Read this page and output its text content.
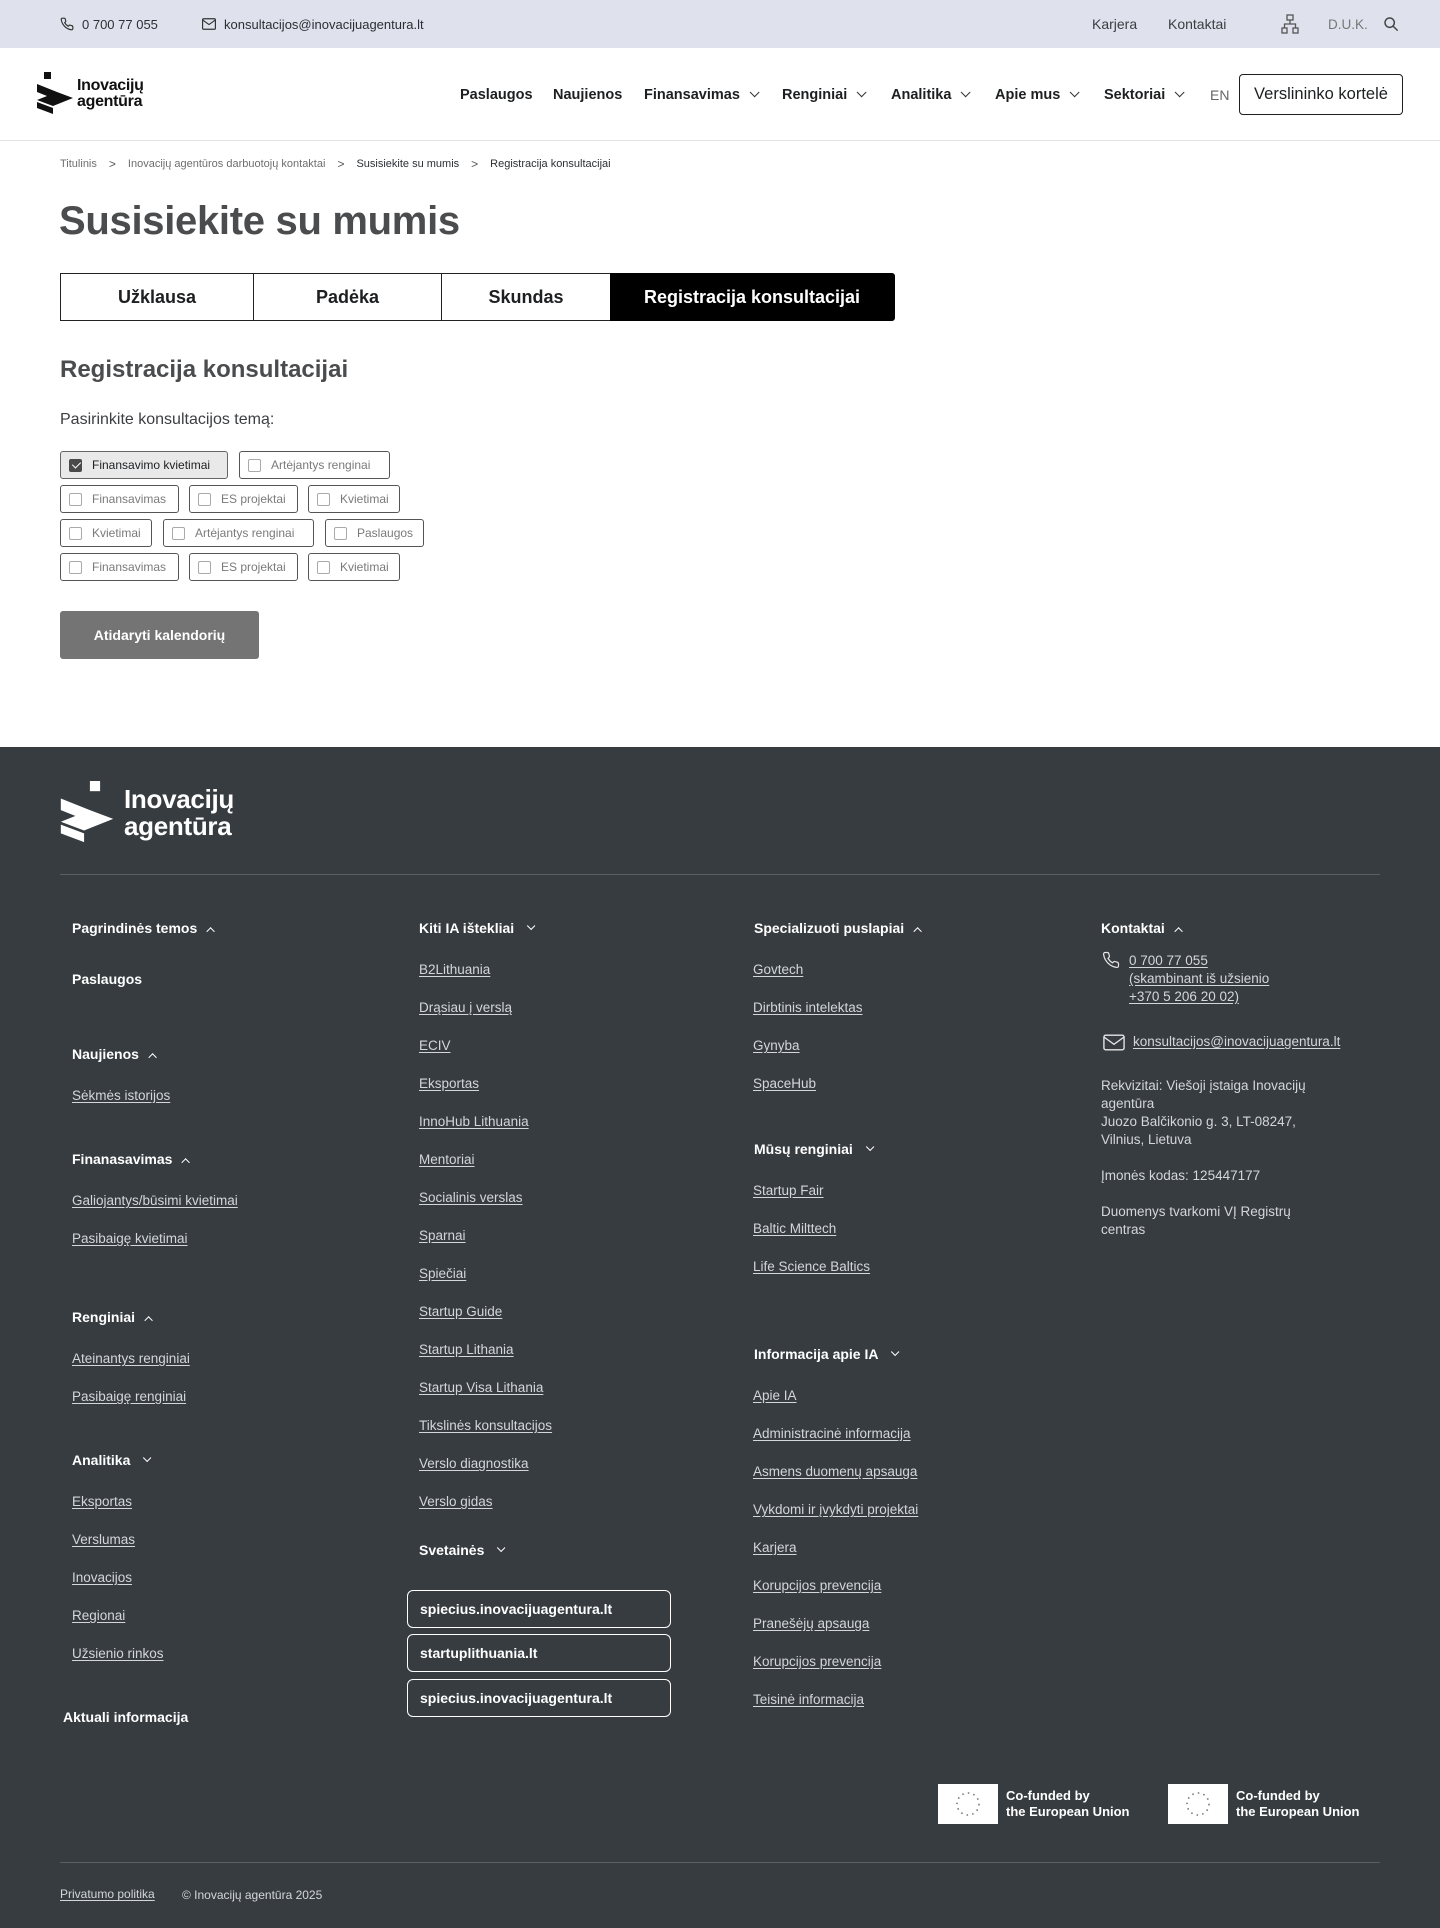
0 700 77 055	konsultacijos@inovacijuagentura.lt	Karjera Kontaktai	D.U.K.
Inovacijų
agentūra	Paslaugos Naujienos Finansavimas	Renginiai	Analitika	Apie mus	Sektoriai	EN	Verslininko kortelė
Titulinis > Inovacijų agentūros darbuotojų kontaktai > Susisiekite su mumis > Registracija konsultacijai
Susisiekite su mumis
Užklausa	Padėka	Skundas	Registracija konsultacijai
Registracija konsultacijai
Pasirinkite konsultacijos temą:
Finansavimo kvietimai	Artėjantys renginai
Finansavimas	ES projektai	Kvietimai
Kvietimai	Artėjantys renginai	Paslaugos
Finansavimas	ES projektai	Kvietimai
Atidaryti kalendorių
Inovacijų
agentūra
Pagrindinės temos
Paslaugos
Naujienos
Sėkmės istorijos
Finanasavimas
Galiojantys/būsimi kvietimai
Pasibaigę kvietimai
Renginiai
Ateinantys renginiai
Pasibaigę renginiai
Analitika
Eksportas
Verslumas
Inovacijos
Regionai
Užsienio rinkos
Aktuali informacija
Kiti IA ištekliai
B2Lithuania
Drąsiau į verslą
ECIV
Eksportas
InnoHub Lithuania
Mentoriai
Socialinis verslas
Sparnai
Spiečiai
Startup Guide
Startup Lithania
Startup Visa Lithania
Tikslinės konsultacijos
Verslo diagnostika
Verslo gidas
Svetainės
spiecius.inovacijuagentura.lt
startuplithuania.lt
spiecius.inovacijuagentura.lt
Specializuoti puslapiai
Govtech
Dirbtinis intelektas
Gynyba
SpaceHub
Mūsų renginiai
Startup Fair
Baltic Milttech
Life Science Baltics
Informacija apie IA
Apie IA
Administracinė informacija
Asmens duomenų apsauga
Vykdomi ir įvykdyti projektai
Karjera
Korupcijos prevencija
Pranešėjų apsauga
Korupcijos prevencija
Teisinė informacija
Kontaktai
0 700 77 055
(skambinant iš užsienio
+370 5 206 20 02)
konsultacijos@inovacijuagentura.lt
Rekvizitai: Viešoji įstaiga Inovacijų
agentūra
Juozo Balčikonio g. 3, LT-08247,
Vilnius, Lietuva
Įmonės kodas: 125447177
Duomenys tvarkomi VĮ Registrų
centras
Co-funded by
the European Union
Co-funded by
the European Union
Privatumo politika © Inovacijų agentūra 2025
